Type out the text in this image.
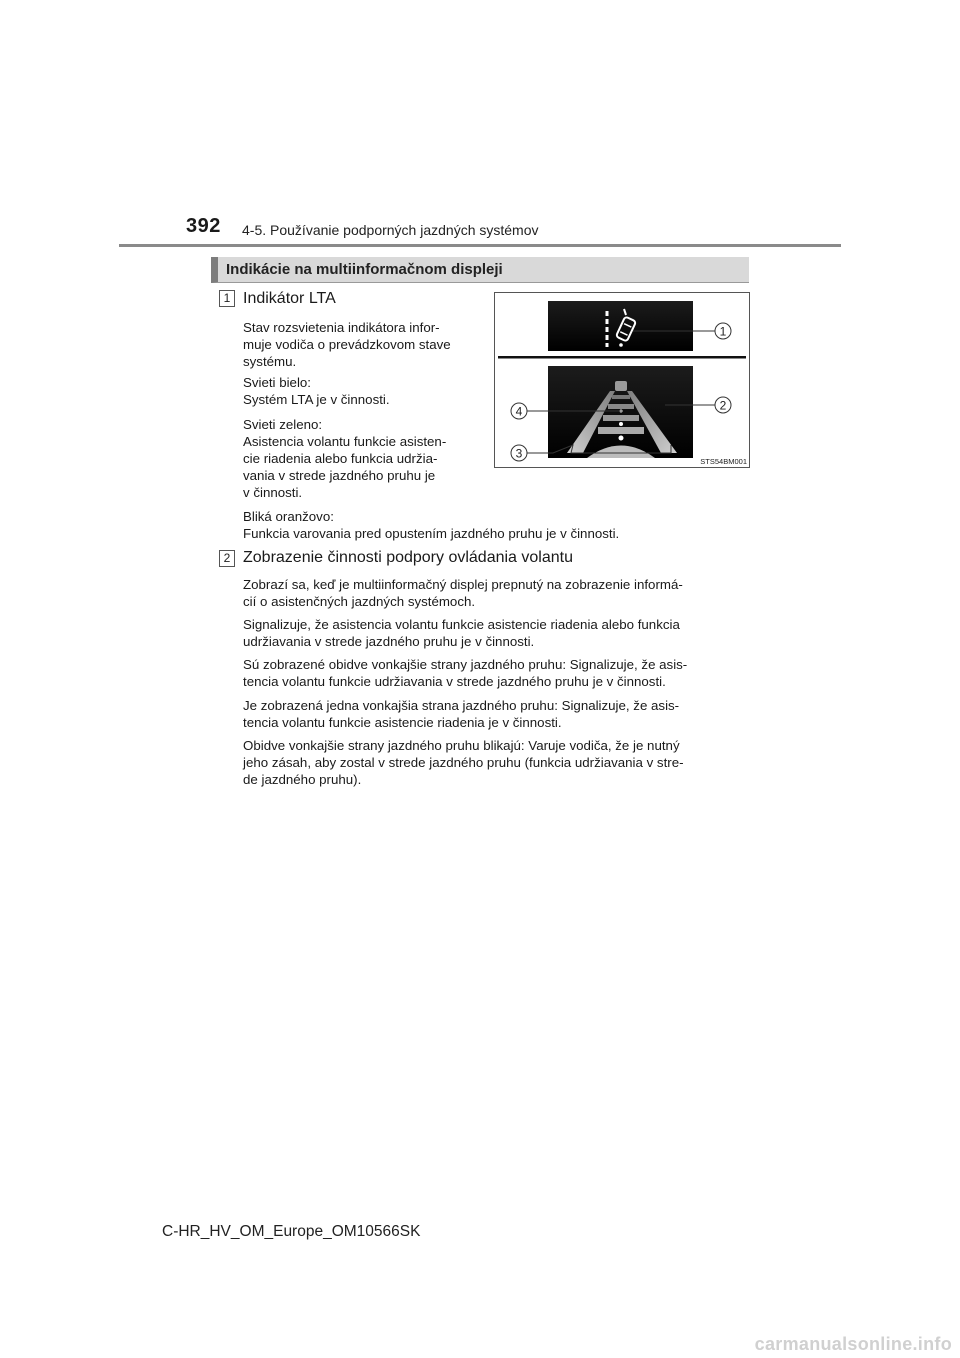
392 4-5. Používanie podporných jazdných systémov
Indikácie na multiinformačnom displeji
1 Indikátor LTA
Stav rozsvietenia indikátora infor-
muje vodiča o prevádzkovom stave
systému.
Svieti bielo:
Systém LTA je v činnosti.
Svieti zeleno:
Asistencia volantu funkcie asisten-
cie riadenia alebo funkcia udržia-
vania v strede jazdného pruhu je
v činnosti.
Bliká oranžovo:
Funkcia varovania pred opustením jazdného pruhu je v činnosti.
1
2
3
4
STS54BM001
2 Zobrazenie činnosti podpory ovládania volantu
Zobrazí sa, keď je multiinformačný displej prepnutý na zobrazenie informá-
cií o asistenčných jazdných systémoch.
Signalizuje, že asistencia volantu funkcie asistencie riadenia alebo funkcia
udržiavania v strede jazdného pruhu je v činnosti.
Sú zobrazené obidve vonkajšie strany jazdného pruhu: Signalizuje, že asis-
tencia volantu funkcie udržiavania v strede jazdného pruhu je v činnosti.
Je zobrazená jedna vonkajšia strana jazdného pruhu: Signalizuje, že asis-
tencia volantu funkcie asistencie riadenia je v činnosti.
Obidve vonkajšie strany jazdného pruhu blikajú: Varuje vodiča, že je nutný
jeho zásah, aby zostal v strede jazdného pruhu (funkcia udržiavania v stre-
de jazdného pruhu).
C-HR_HV_OM_Europe_OM10566SK
carmanualsonline.info
